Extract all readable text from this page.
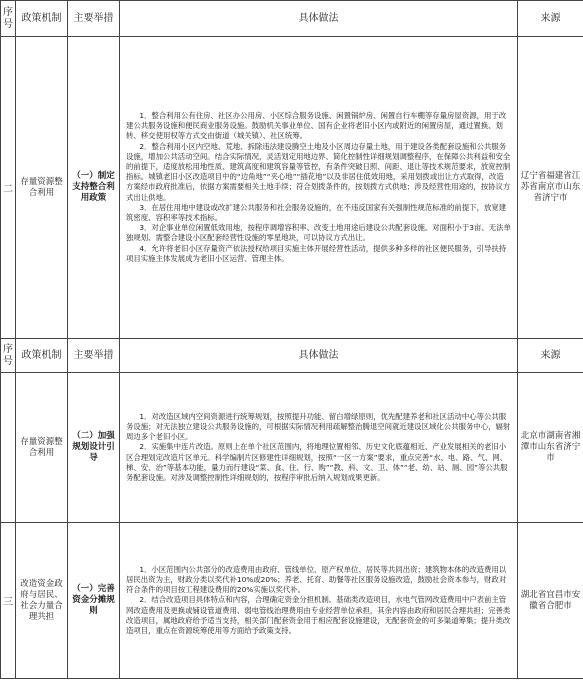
序号	政策机制	主要举措	具体做法	来源
二	存量资源整合利用	（一）制定支持整合利用政策	1．整合利用公有住房、社区办公用房、小区综合服务设施、闲置锅炉房、闲置自行车棚等存量房屋资源，用于改建公共服务设施和便民商业服务设施。鼓励机关事业单位、国有企业将老旧小区内或附近的闲置房屋，通过置换、划转、移交使用权等方式交由街道（城关镇）、社区统筹。

2．整合利用小区内空地、荒地、拆除违法建设腾空土地及小区周边存量土地，用于建设各类配套设施和公共服务设施，增加公共活动空间。结合实际情况，灵活划定用地边界、简化控制性详细规划调整程序，在保障公共利益和安全的前提下，适度放松用地性质、建筑高度和建筑容量等管控，有条件突破日照、间距、退让等技术规范要求，放宽控制指标。城镇老旧小区改造项目中的“边角地”“夹心地”“插花地”以及非居住低效用地，采用划拨或出让方式取得，改造方案经市政府批准后，依据方案需要相关土地手续；符合划拨条件的，按划拨方式供地；涉及经营性用途的，按协议方式出让供地。

3．在居住用地中建设或改扩建公共服务和社会服务设施的，在不违反国家有关强制性规范标准的前提下，放宽建筑密度、容积率等技术指标。

3．对企事业单位闲置低效用地，按程序调增容积率、改变土地用途后建设公共配套设施。对面积小于3亩、无法单独规划、需整合建设小区配套经营性设施的零星地块，可以协议方式出让。

4．允许将老旧小区存量资产依法授权给项目实施主体开展经营性活动，提供多种多样的社区便民服务，引导扶持项目实施主体发展成为老旧小区运营、管理主体。	辽宁省福建省江苏省南京市山东省济宁市
序号	政策机制	主要举措	具体做法	来源
	存量资源整合利用	（二）加强规划设计引导	1．对改造区域内空间资源进行统筹规划，按照提升功能、留白增绿原则，优先配建养老和社区活动中心等公共服务设施；对无法独立建设公共服务设施的，可根据实际情况利用疏解整治腾退空间就近建设区域化公共服务中心，辐射周边多个老旧小区。

2．实施集中连片改造。原则上在单个社区范围内，将地理位置相邻、历史文化底蕴相近、产业发展相关的老旧小区合理划定改造片区单元。科学编制片区修建性详细规划，按照“一区一方案”要求，重点完善“水、电、路、气、网、梯、安、治”等基本功能，量力而行建设“菜、食、住、行、购”“教、科、文、卫、体”“老、幼、站、厕、园”等公共服务配套设施。对涉及调整控制性详细规划的，按程序审批后纳入规划成果更新。	北京市湖南省湘潭市山东省济宁市
三	改造资金政府与居民、社会力量合理共担	（一）完善资金分摊规则	1．小区范围内公共部分的改造费用由政府、管线单位、原产权单位、居民等共同出资；建筑物本体的改造费用以居民出资为主，财政分类以奖代补10%或20%；养老、托育、助餐等社区服务设施改造，鼓励社会资本参与，财政对符合条件的项目按工程建设费用的20%实施以奖代补。

2．结合改造项目具体特点和内容，合理确定资金分担机制。基础类改造项目，水电气管网改造费用中户表前主管网改造费用及更换或铺设管道费用、弱电管线治理费用由专业经营单位承担，其余内容由政府和居民合理共担；完善类改造项目，属地政府给予适当支持，相关部门配套资金用于相应配套设施建设，无配套资金的可多渠道筹集；提升类改造项目，重点在资源统筹使用等方面给予政策支持。	湖北省宜昌市安徽省合肥市
